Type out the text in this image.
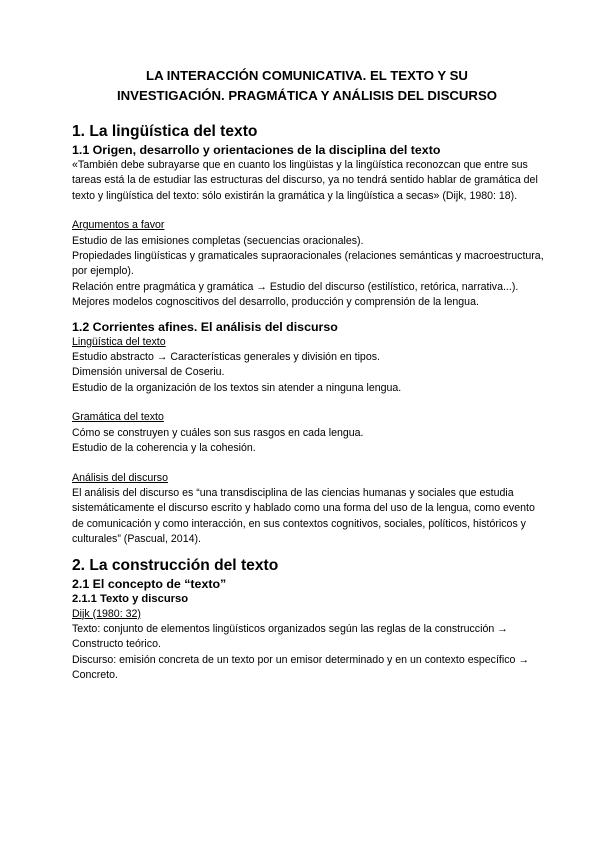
LA INTERACCIÓN COMUNICATIVA. EL TEXTO Y SU
INVESTIGACIÓN. PRAGMÁTICA Y ANÁLISIS DEL DISCURSO
1. La lingüística del texto
1.1 Origen, desarrollo y orientaciones de la disciplina del texto

«También debe subrayarse que en cuanto los lingüistas y la lingüística reconozcan que entre sus tareas está la de estudiar las estructuras del discurso, ya no tendrá sentido hablar de gramática del texto y lingüística del texto: sólo existirán la gramática y la lingüística a secas» (Dijk, 1980: 18).

Argumentos a favor

Estudio de las emisiones completas (secuencias oracionales).

Propiedades lingüísticas y gramaticales supraoracionales (relaciones semánticas y macroestructura, por ejemplo).

Relación entre pragmática y gramática → Estudio del discurso (estilístico, retórica, narrativa...).

Mejores modelos cognoscitivos del desarrollo, producción y comprensión de la lengua.

1.2 Corrientes afines. El análisis del discurso

Lingüística del texto

Estudio abstracto → Características generales y división en tipos.

Dimensión universal de Coseriu.

Estudio de la organización de los textos sin atender a ninguna lengua.

Gramática del texto

Cómo se construyen y cuáles son sus rasgos en cada lengua.

Estudio de la coherencia y la cohesión.

Análisis del discurso

El análisis del discurso es “una transdisciplina de las ciencias humanas y sociales que estudia sistemáticamente el discurso escrito y hablado como una forma del uso de la lengua, como evento de comunicación y como interacción, en sus contextos cognitivos, sociales, políticos, históricos y culturales” (Pascual, 2014).

2. La construcción del texto
2.1 El concepto de “texto”
2.1.1 Texto y discurso

Dijk (1980: 32)

Texto: conjunto de elementos lingüísticos organizados según las reglas de la construcción → Constructo teórico.

Discurso: emisión concreta de un texto por un emisor determinado y en un contexto específico → Concreto.
